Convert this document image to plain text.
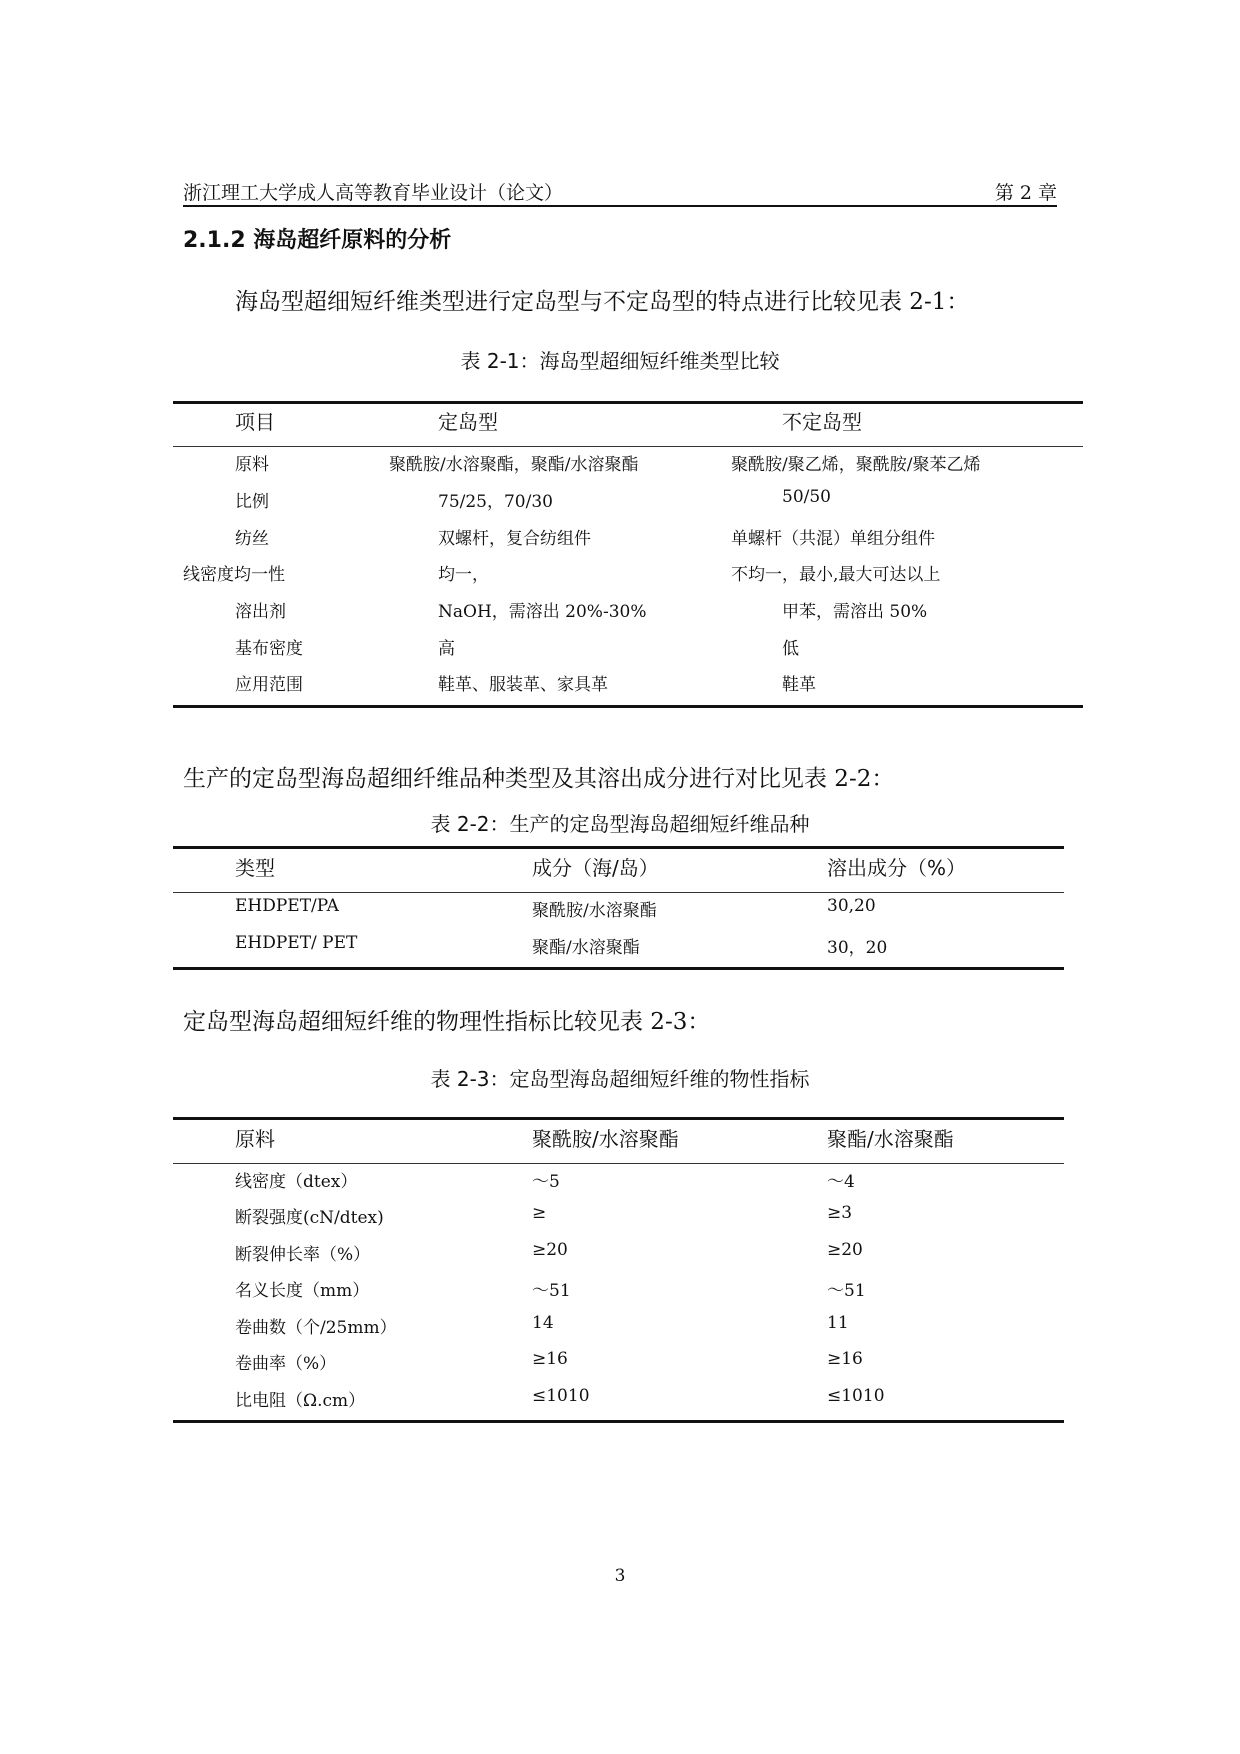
浙江理工大学成人高等教育毕业设计（论文）	第 2 章
2.1.2 海岛超纤原料的分析
海岛型超细短纤维类型进行定岛型与不定岛型的特点进行比较见表 2-1：
表 2-1：海岛型超细短纤维类型比较
项目	定岛型	不定岛型
原料	聚酰胺/水溶聚酯，聚酯/水溶聚酯	聚酰胺/聚乙烯，聚酰胺/聚苯乙烯
比例	75/25，70/30	50/50
纺丝	双螺杆，复合纺组件	单螺杆（共混）单组分组件
线密度均一性	均一，	不均一，最小,最大可达以上
溶出剂	NaOH，需溶出 20%-30%	甲苯，需溶出 50%
基布密度	高	低
应用范围	鞋革、服装革、家具革	鞋革
生产的定岛型海岛超细纤维品种类型及其溶出成分进行对比见表 2-2：
表 2-2：生产的定岛型海岛超细短纤维品种
类型	成分（海/岛）	溶出成分（%）
EHDPET/PA	聚酰胺/水溶聚酯	30,20
EHDPET/ PET	聚酯/水溶聚酯	30，20
定岛型海岛超细短纤维的物理性指标比较见表 2-3：
表 2-3：定岛型海岛超细短纤维的物性指标
原料	聚酰胺/水溶聚酯	聚酯/水溶聚酯
线密度（dtex）	～5	～4
断裂强度(cN/dtex)	≥	≥3
断裂伸长率（%）	≥20	≥20
名义长度（mm）	～51	～51
卷曲数（个/25mm）	14	11
卷曲率（%）	≥16	≥16
比电阻（Ω.cm）	≤1010	≤1010
3
